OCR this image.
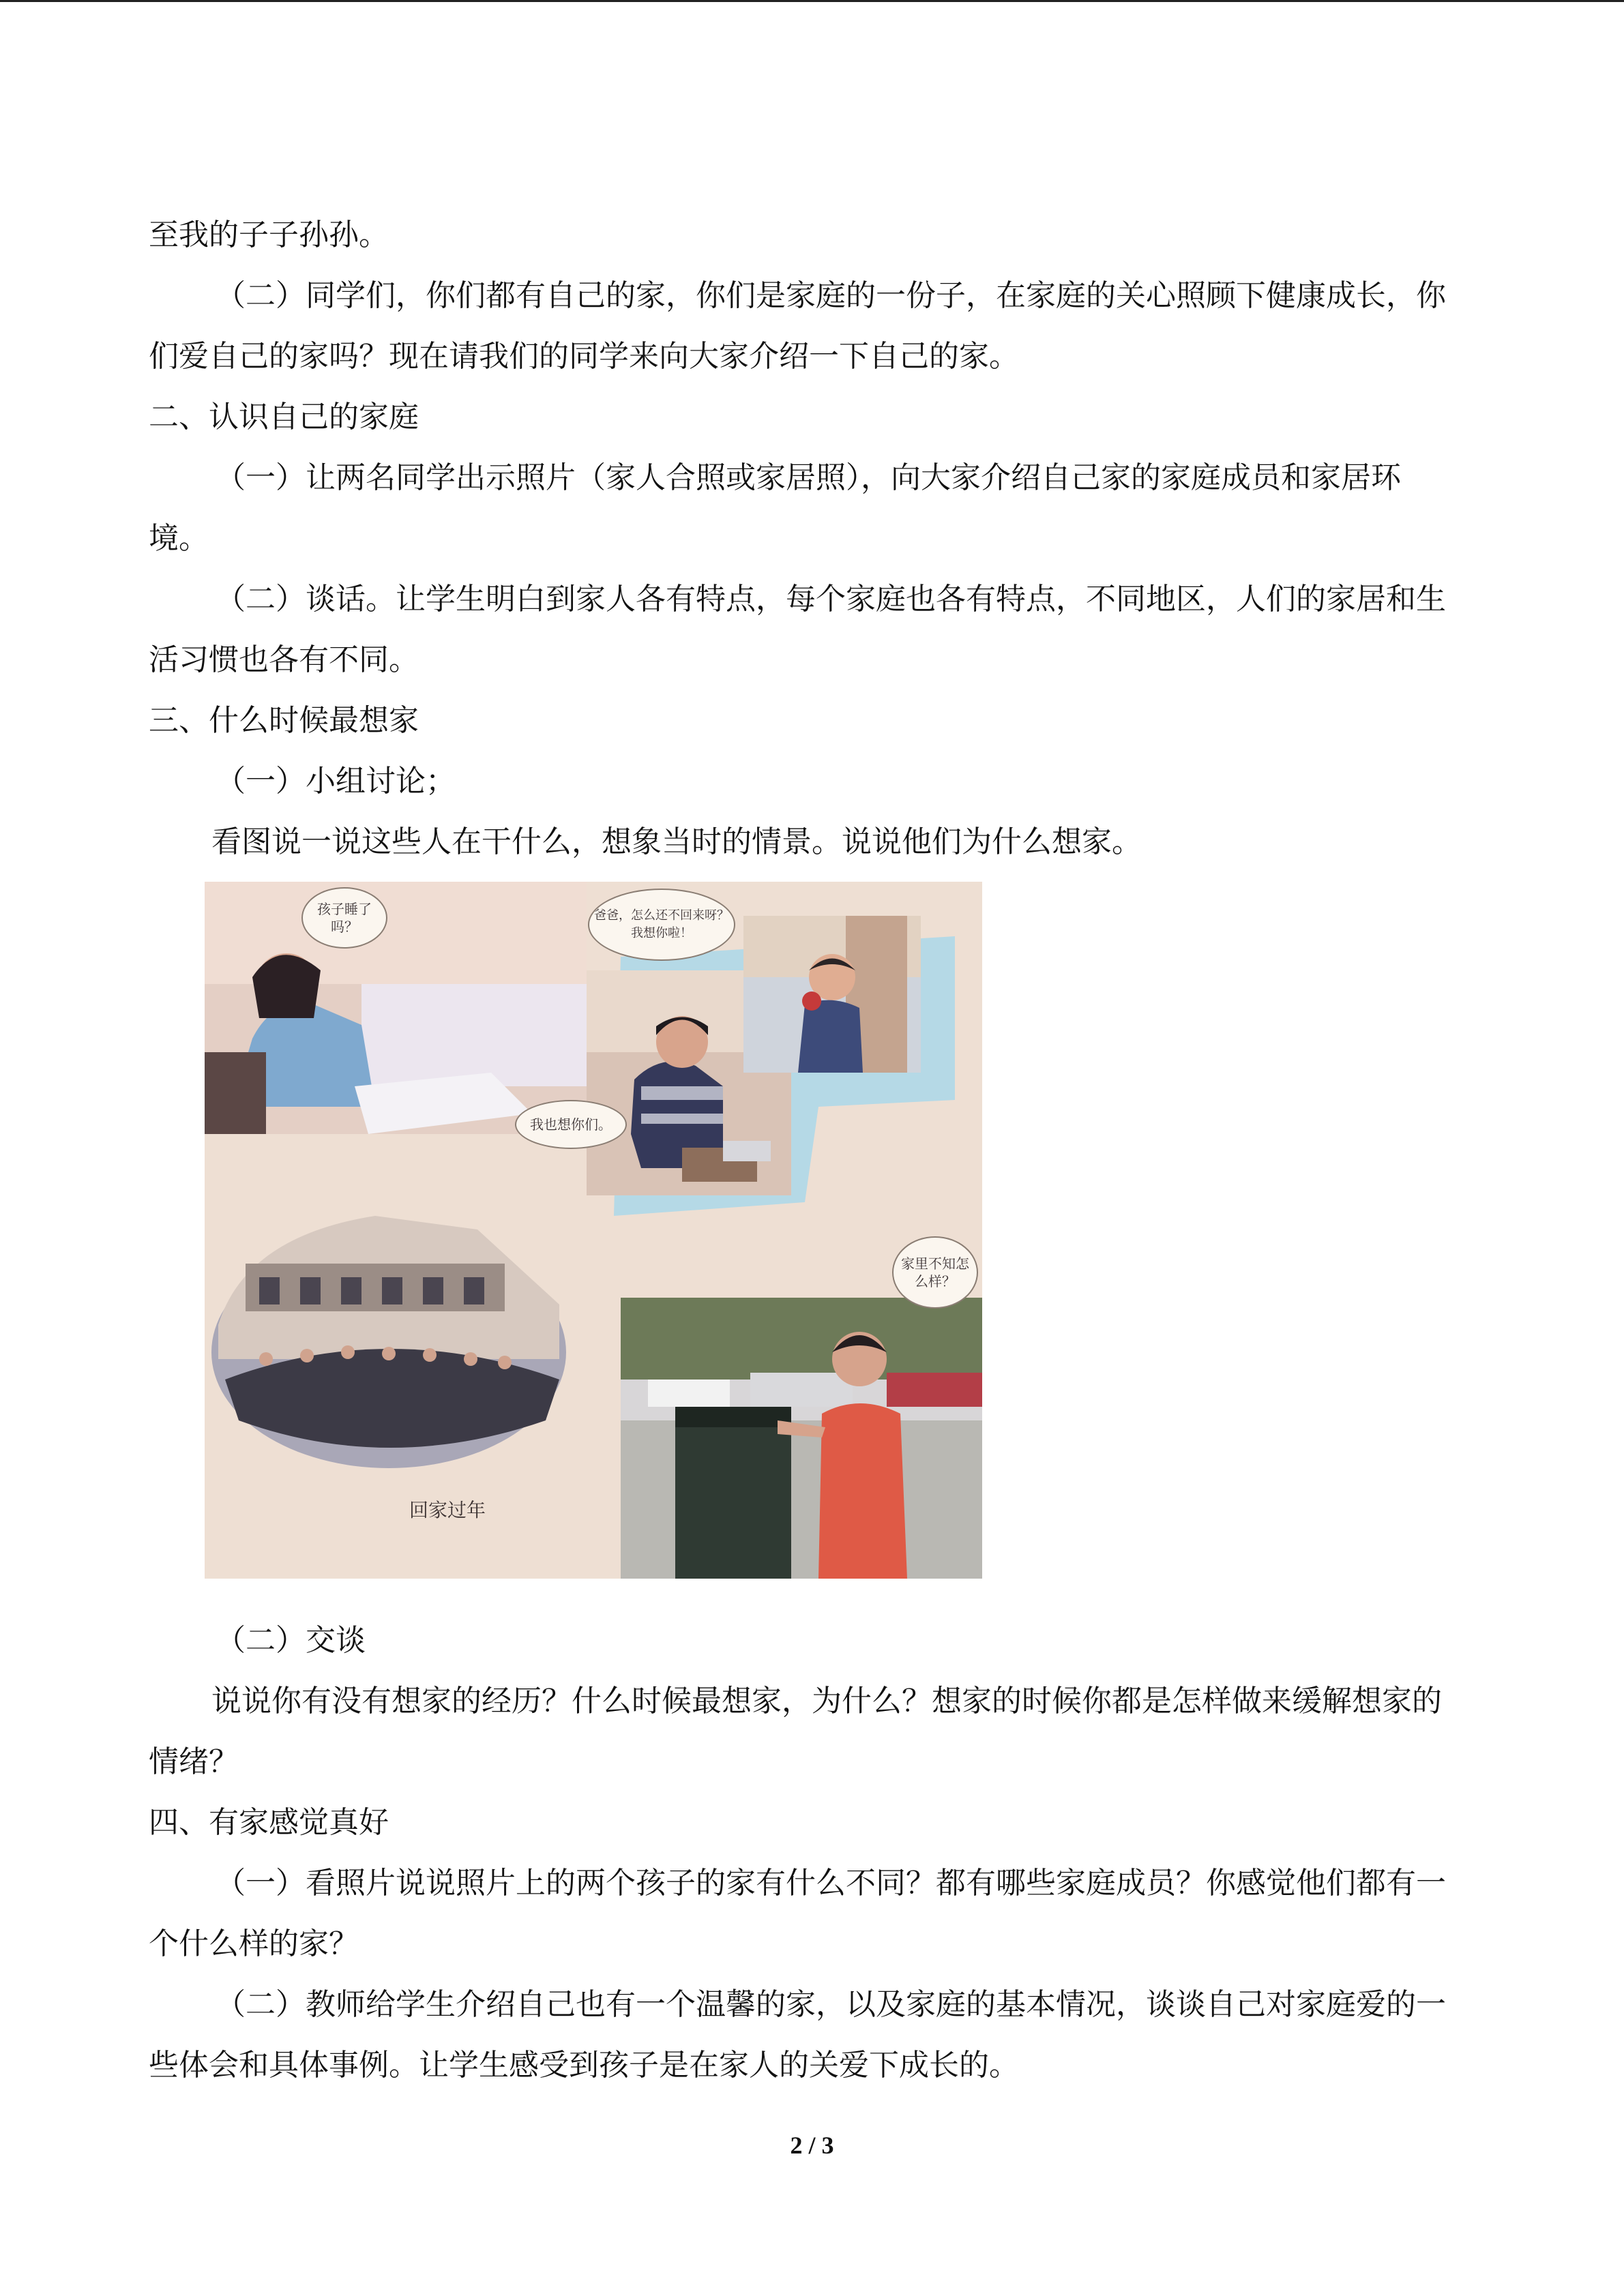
至我的子子孙孙。

（二）同学们，你们都有自己的家，你们是家庭的一份子，在家庭的关心照顾下健康成长，你们爱自己的家吗？现在请我们的同学来向大家介绍一下自己的家。

二、认识自己的家庭

（一）让两名同学出示照片（家人合照或家居照），向大家介绍自己家的家庭成员和家居环境。

（二）谈话。让学生明白到家人各有特点，每个家庭也各有特点，不同地区，人们的家居和生活习惯也各有不同。

三、什么时候最想家

（一）小组讨论；

看图说一说这些人在干什么，想象当时的情景。说说他们为什么想家。

孩子睡了吗？
爸爸，怎么还不回来呀？我想你啦！
我也想你们。
家里不知怎么样？
回家过年

（二）交谈

说说你有没有想家的经历？什么时候最想家，为什么？想家的时候你都是怎样做来缓解想家的情绪？

四、有家感觉真好

（一）看照片说说照片上的两个孩子的家有什么不同？都有哪些家庭成员？你感觉他们都有一个什么样的家？

（二）教师给学生介绍自己也有一个温馨的家，以及家庭的基本情况，谈谈自己对家庭爱的一些体会和具体事例。让学生感受到孩子是在家人的关爱下成长的。

2 / 3
